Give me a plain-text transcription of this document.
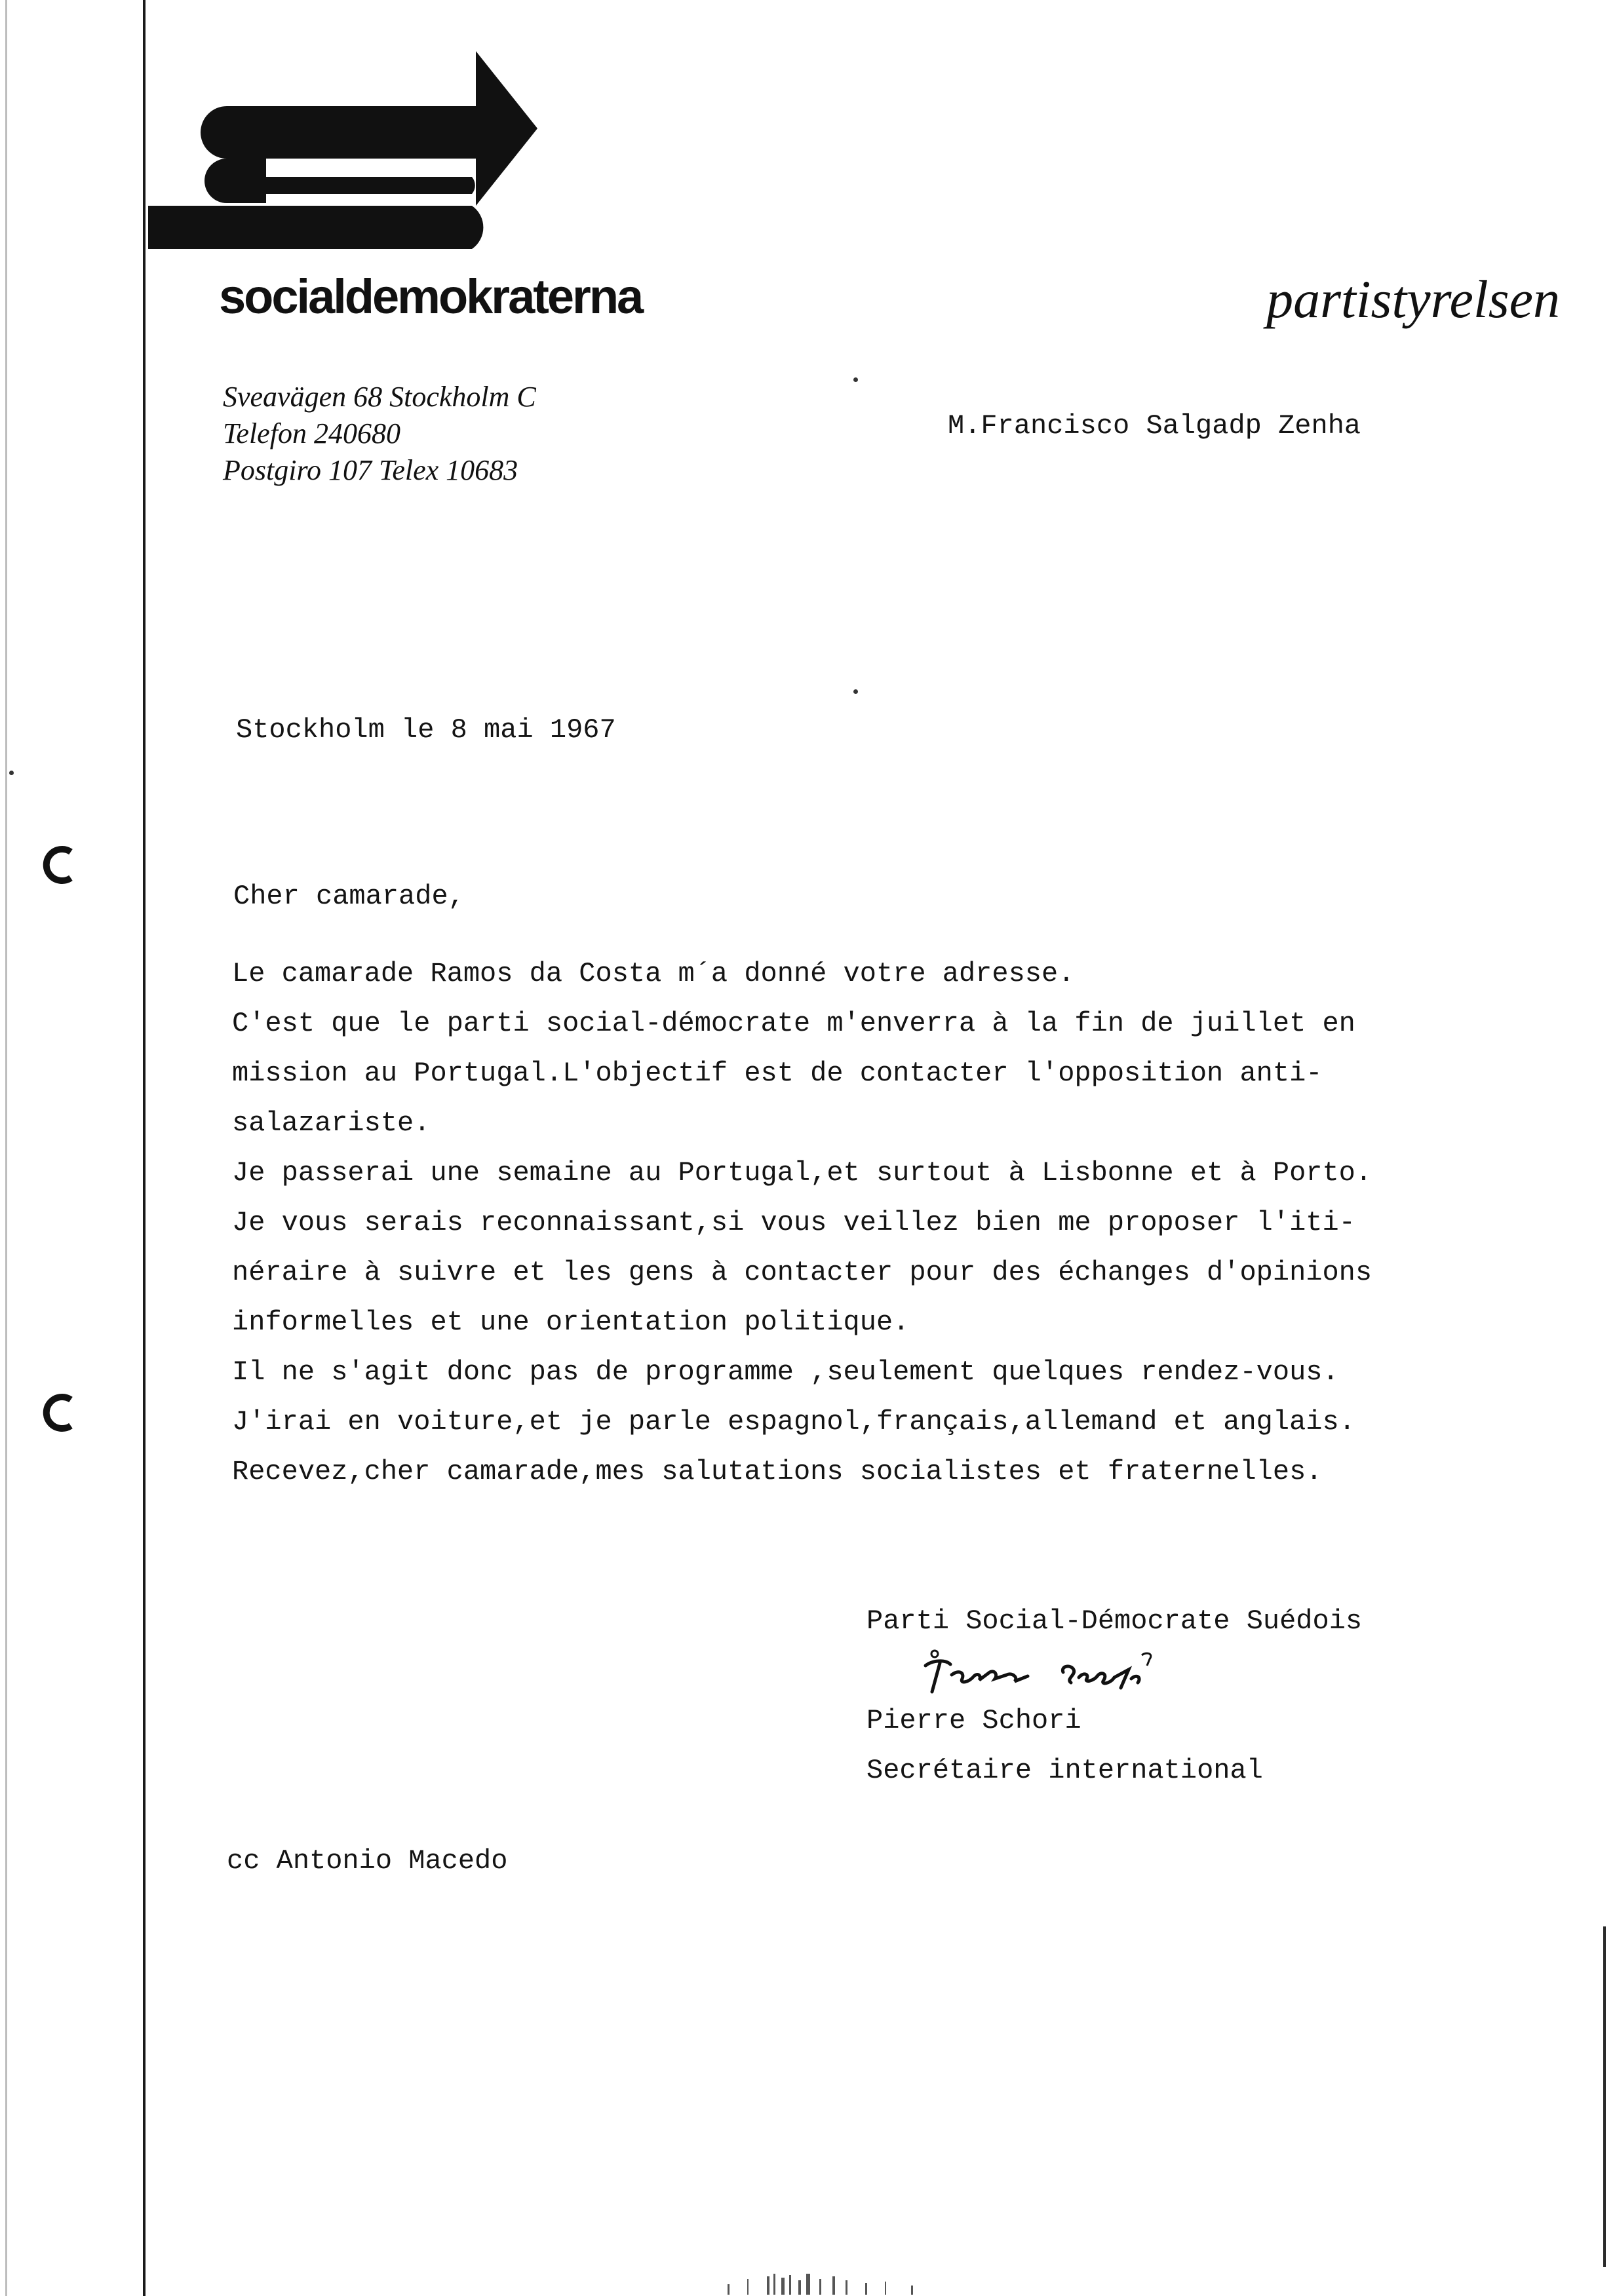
socialdemokraterna	partistyrelsen
Sveavägen 68 Stockholm C
Telefon 240680
Postgiro 107 Telex 10683
M.Francisco Salgadp Zenha
Stockholm le 8 mai 1967
Cher camarade,
Le camarade Ramos da Costa m´a donné votre adresse.
C'est que le parti social-démocrate m'enverra à la fin de juillet en
mission au Portugal.L'objectif est de contacter l'opposition anti-
salazariste.
Je passerai une semaine au Portugal,et surtout à Lisbonne et à Porto.
Je vous serais reconnaissant,si vous veillez bien me proposer l'iti-
néraire à suivre et les gens à contacter pour des échanges d'opinions
informelles et une orientation politique.
Il ne s'agit donc pas de programme ,seulement quelques rendez-vous.
J'irai en voiture,et je parle espagnol,français,allemand et anglais.
Recevez,cher camarade,mes salutations socialistes et fraternelles.
Parti Social-Démocrate Suédois
Pierre Schori
Secrétaire international
cc Antonio Macedo
